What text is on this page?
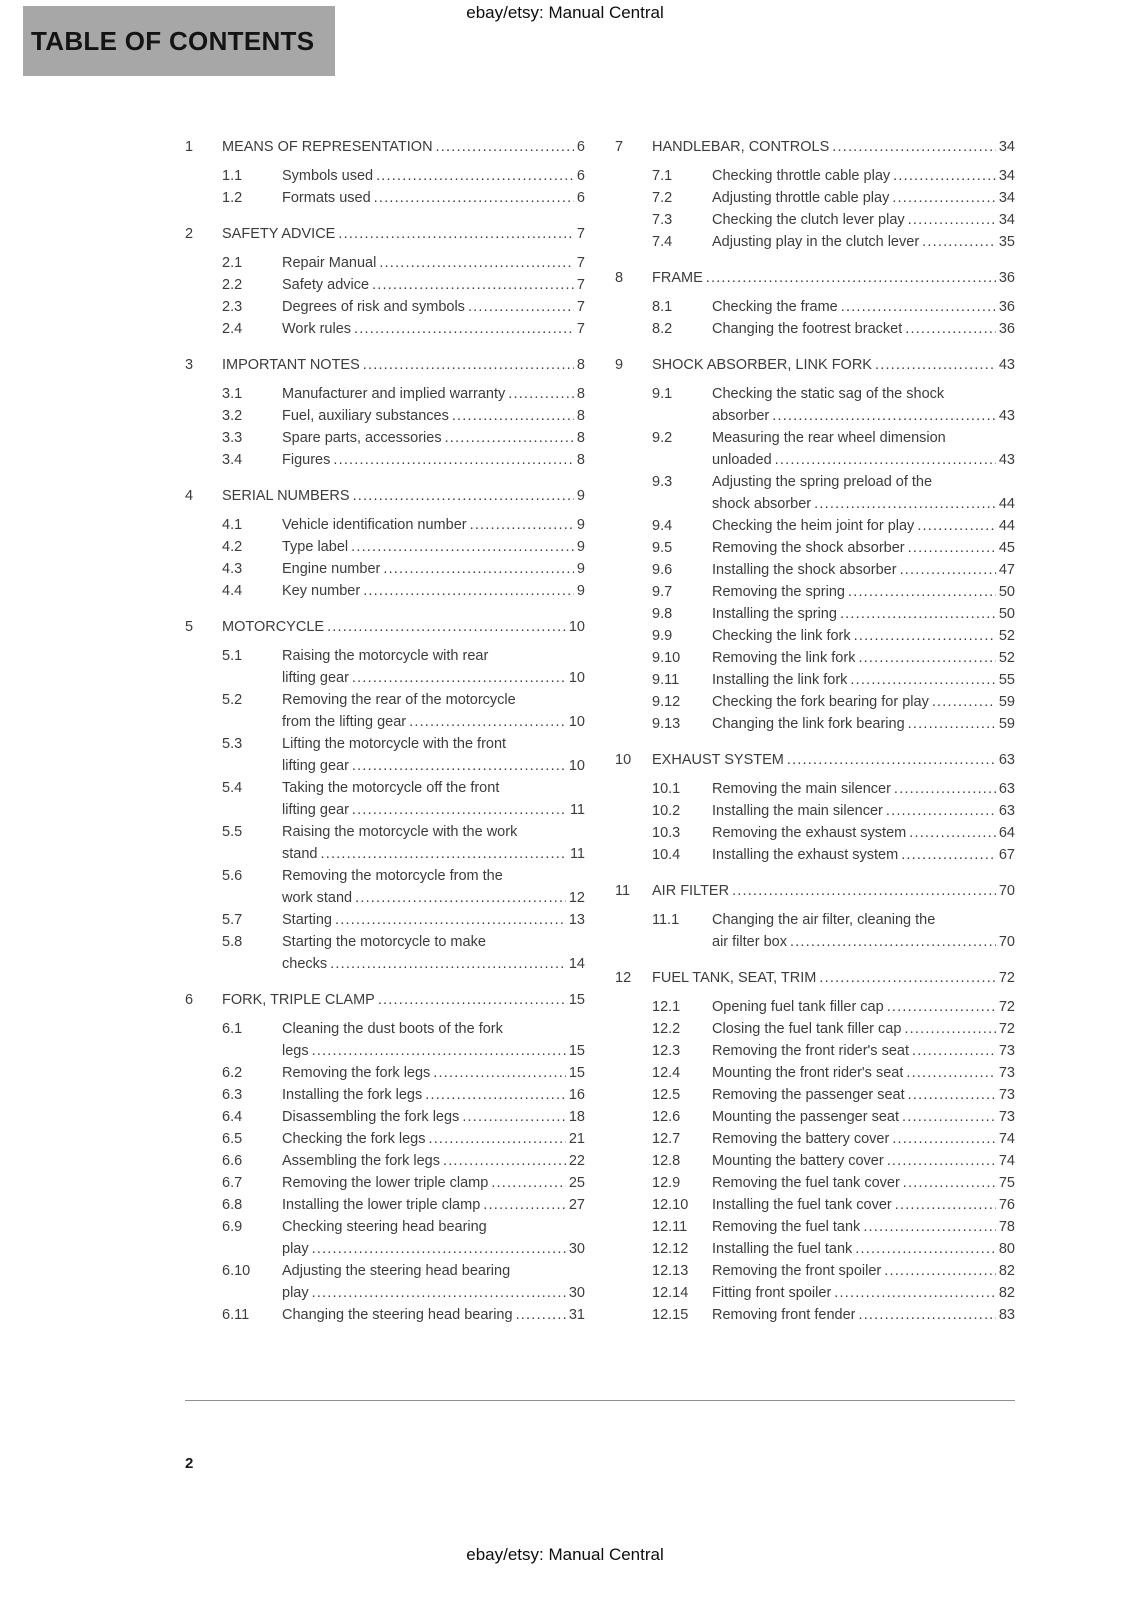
ebay/etsy: Manual Central
TABLE OF CONTENTS
1	MEANS OF REPRESENTATION .....	6
1.1	Symbols used .....	6
1.2	Formats used .....	6
2	SAFETY ADVICE .....	7
2.1	Repair Manual .....	7
2.2	Safety advice .....	7
2.3	Degrees of risk and symbols .....	7
2.4	Work rules .....	7
3	IMPORTANT NOTES .....	8
3.1	Manufacturer and implied warranty .....	8
3.2	Fuel, auxiliary substances .....	8
3.3	Spare parts, accessories .....	8
3.4	Figures .....	8
4	SERIAL NUMBERS .....	9
4.1	Vehicle identification number .....	9
4.2	Type label .....	9
4.3	Engine number .....	9
4.4	Key number .....	9
5	MOTORCYCLE .....	10
5.1	Raising the motorcycle with rear
lifting gear .....	10
5.2	Removing the rear of the motorcycle
from the lifting gear .....	10
5.3	Lifting the motorcycle with the front
lifting gear .....	10
5.4	Taking the motorcycle off the front
lifting gear .....	11
5.5	Raising the motorcycle with the work
stand .....	11
5.6	Removing the motorcycle from the
work stand .....	12
5.7	Starting .....	13
5.8	Starting the motorcycle to make
checks .....	14
6	FORK, TRIPLE CLAMP .....	15
6.1	Cleaning the dust boots of the fork
legs .....	15
6.2	Removing the fork legs .....	15
6.3	Installing the fork legs .....	16
6.4	Disassembling the fork legs .....	18
6.5	Checking the fork legs .....	21
6.6	Assembling the fork legs .....	22
6.7	Removing the lower triple clamp .....	25
6.8	Installing the lower triple clamp .....	27
6.9	Checking steering head bearing
play .....	30
6.10	Adjusting the steering head bearing
play .....	30
6.11	Changing the steering head bearing .....	31
7	HANDLEBAR, CONTROLS .....	34
7.1	Checking throttle cable play .....	34
7.2	Adjusting throttle cable play .....	34
7.3	Checking the clutch lever play .....	34
7.4	Adjusting play in the clutch lever .....	35
8	FRAME .....	36
8.1	Checking the frame .....	36
8.2	Changing the footrest bracket .....	36
9	SHOCK ABSORBER, LINK FORK .....	43
9.1	Checking the static sag of the shock
absorber .....	43
9.2	Measuring the rear wheel dimension
unloaded .....	43
9.3	Adjusting the spring preload of the
shock absorber .....	44
9.4	Checking the heim joint for play .....	44
9.5	Removing the shock absorber .....	45
9.6	Installing the shock absorber .....	47
9.7	Removing the spring .....	50
9.8	Installing the spring .....	50
9.9	Checking the link fork .....	52
9.10	Removing the link fork .....	52
9.11	Installing the link fork .....	55
9.12	Checking the fork bearing for play .....	59
9.13	Changing the link fork bearing .....	59
10	EXHAUST SYSTEM .....	63
10.1	Removing the main silencer .....	63
10.2	Installing the main silencer .....	63
10.3	Removing the exhaust system .....	64
10.4	Installing the exhaust system .....	67
11	AIR FILTER .....	70
11.1	Changing the air filter, cleaning the
air filter box .....	70
12	FUEL TANK, SEAT, TRIM .....	72
12.1	Opening fuel tank filler cap .....	72
12.2	Closing the fuel tank filler cap .....	72
12.3	Removing the front rider's seat .....	73
12.4	Mounting the front rider's seat .....	73
12.5	Removing the passenger seat .....	73
12.6	Mounting the passenger seat .....	73
12.7	Removing the battery cover .....	74
12.8	Mounting the battery cover .....	74
12.9	Removing the fuel tank cover .....	75
12.10	Installing the fuel tank cover .....	76
12.11	Removing the fuel tank .....	78
12.12	Installing the fuel tank .....	80
12.13	Removing the front spoiler .....	82
12.14	Fitting front spoiler .....	82
12.15	Removing front fender .....	83
2
ebay/etsy: Manual Central
